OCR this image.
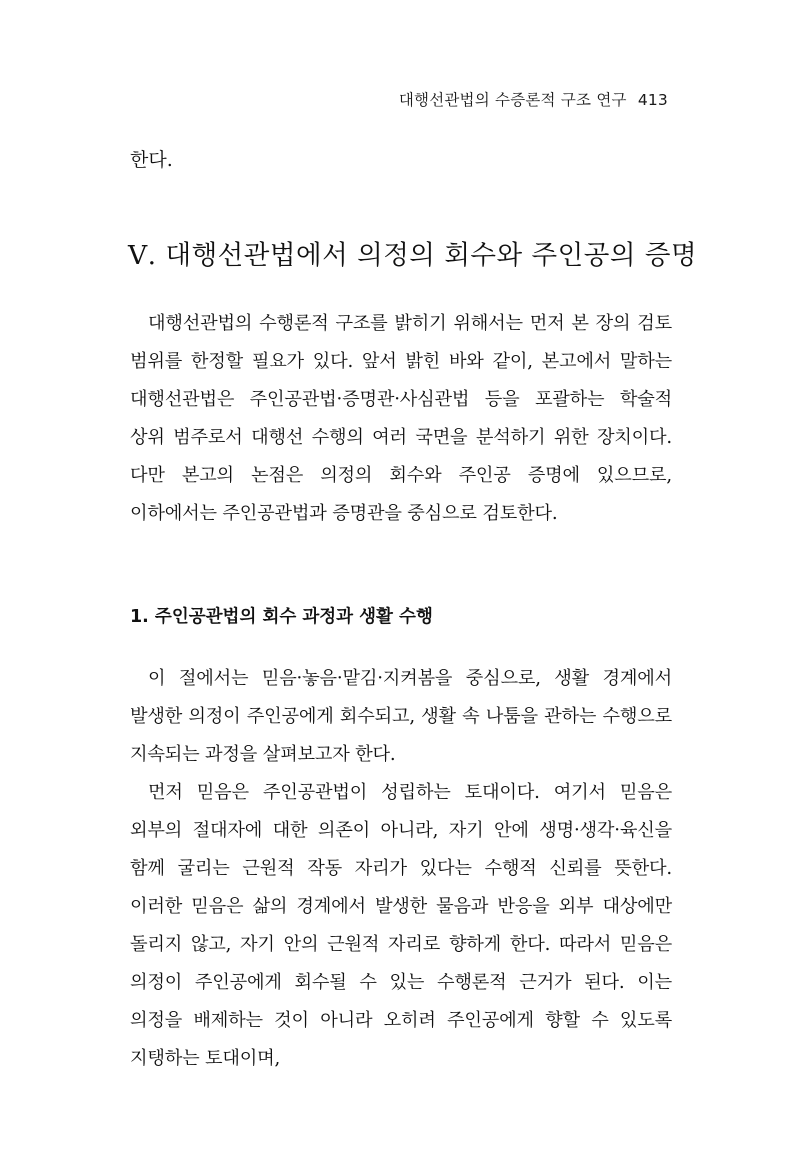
대행선관법의 수증론적 구조 연구 413
한다.
Ⅴ. 대행선관법에서 의정의 회수와 주인공의 증명

대행선관법의 수행론적 구조를 밝히기 위해서는 먼저 본 장의 검토 범위를 한정할 필요가 있다. 앞서 밝힌 바와 같이, 본고에서 말하는 대행선관법은 주인공관법·증명관·사심관법 등을 포괄하는 학술적 상위 범주로서 대행선 수행의 여러 국면을 분석하기 위한 장치이다. 다만 본고의 논점은 의정의 회수와 주인공 증명에 있으므로, 이하에서는 주인공관법과 증명관을 중심으로 검토한다.

1. 주인공관법의 회수 과정과 생활 수행

이 절에서는 믿음·놓음·맡김·지켜봄을 중심으로, 생활 경계에서 발생한 의정이 주인공에게 회수되고, 생활 속 나툼을 관하는 수행으로 지속되는 과정을 살펴보고자 한다.

먼저 믿음은 주인공관법이 성립하는 토대이다. 여기서 믿음은 외부의 절대자에 대한 의존이 아니라, 자기 안에 생명·생각·육신을 함께 굴리는 근원적 작동 자리가 있다는 수행적 신뢰를 뜻한다. 이러한 믿음은 삶의 경계에서 발생한 물음과 반응을 외부 대상에만 돌리지 않고, 자기 안의 근원적 자리로 향하게 한다. 따라서 믿음은 의정이 주인공에게 회수될 수 있는 수행론적 근거가 된다. 이는 의정을 배제하는 것이 아니라 오히려 주인공에게 향할 수 있도록 지탱하는 토대이며,
